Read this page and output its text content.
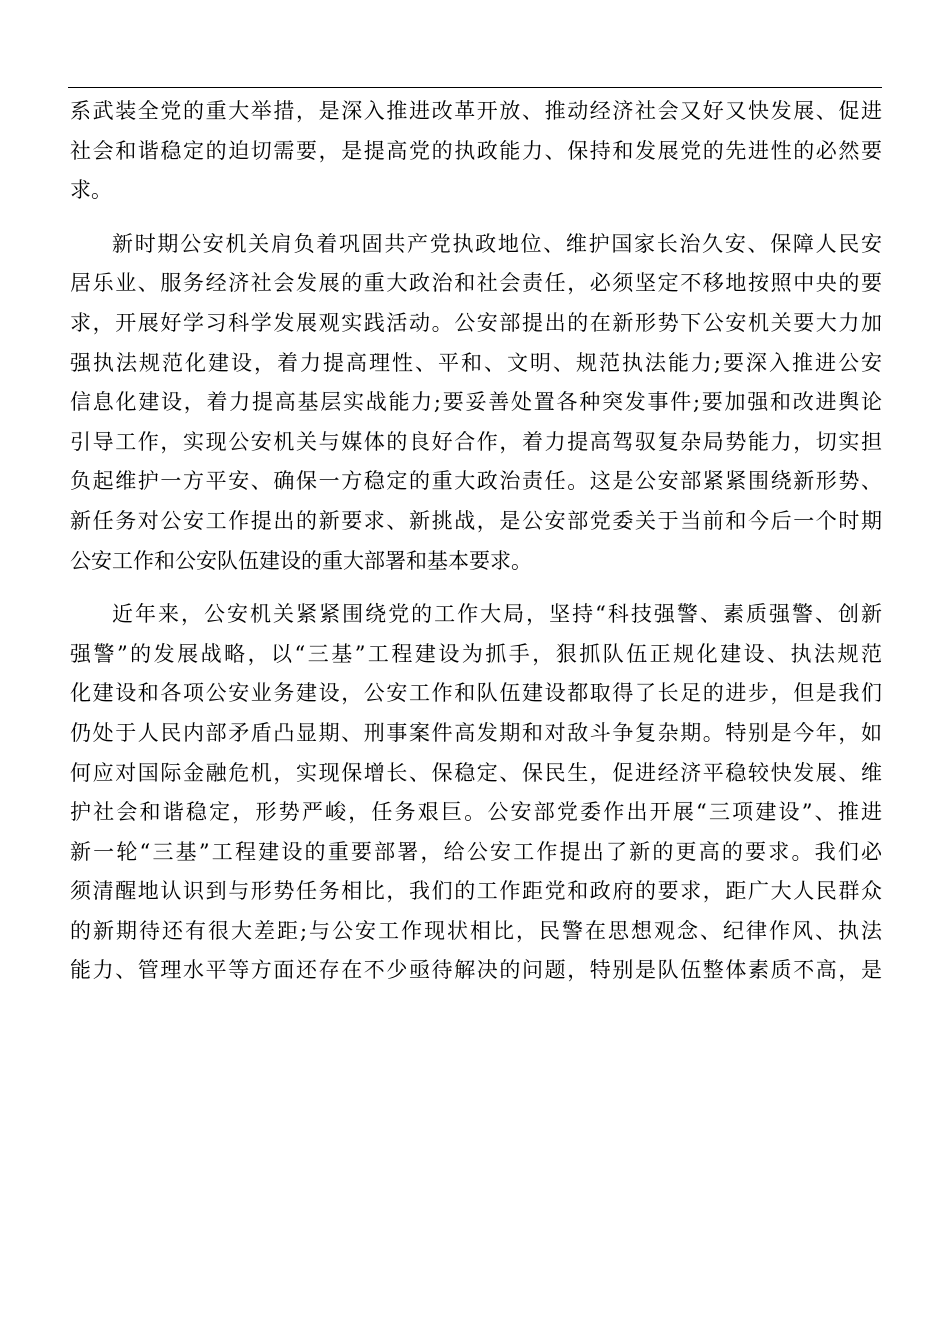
系武装全党的重大举措，是深入推进改革开放、推动经济社会又好又快发展、促进
社会和谐稳定的迫切需要，是提高党的执政能力、保持和发展党的先进性的必然要
求。
新时期公安机关肩负着巩固共产党执政地位、维护国家长治久安、保障人民安
居乐业、服务经济社会发展的重大政治和社会责任，必须坚定不移地按照中央的要
求，开展好学习科学发展观实践活动。公安部提出的在新形势下公安机关要大力加
强执法规范化建设，着力提高理性、平和、文明、规范执法能力;要深入推进公安
信息化建设，着力提高基层实战能力;要妥善处置各种突发事件;要加强和改进舆论
引导工作，实现公安机关与媒体的良好合作，着力提高驾驭复杂局势能力，切实担
负起维护一方平安、确保一方稳定的重大政治责任。这是公安部紧紧围绕新形势、
新任务对公安工作提出的新要求、新挑战，是公安部党委关于当前和今后一个时期
公安工作和公安队伍建设的重大部署和基本要求。
近年来，公安机关紧紧围绕党的工作大局，坚持“科技强警、素质强警、创新
强警”的发展战略，以“三基”工程建设为抓手，狠抓队伍正规化建设、执法规范
化建设和各项公安业务建设，公安工作和队伍建设都取得了长足的进步，但是我们
仍处于人民内部矛盾凸显期、刑事案件高发期和对敌斗争复杂期。特别是今年，如
何应对国际金融危机，实现保增长、保稳定、保民生，促进经济平稳较快发展、维
护社会和谐稳定，形势严峻，任务艰巨。公安部党委作出开展“三项建设”、推进
新一轮“三基”工程建设的重要部署，给公安工作提出了新的更高的要求。我们必
须清醒地认识到与形势任务相比，我们的工作距党和政府的要求，距广大人民群众
的新期待还有很大差距;与公安工作现状相比，民警在思想观念、纪律作风、执法
能力、管理水平等方面还存在不少亟待解决的问题，特别是队伍整体素质不高，是
